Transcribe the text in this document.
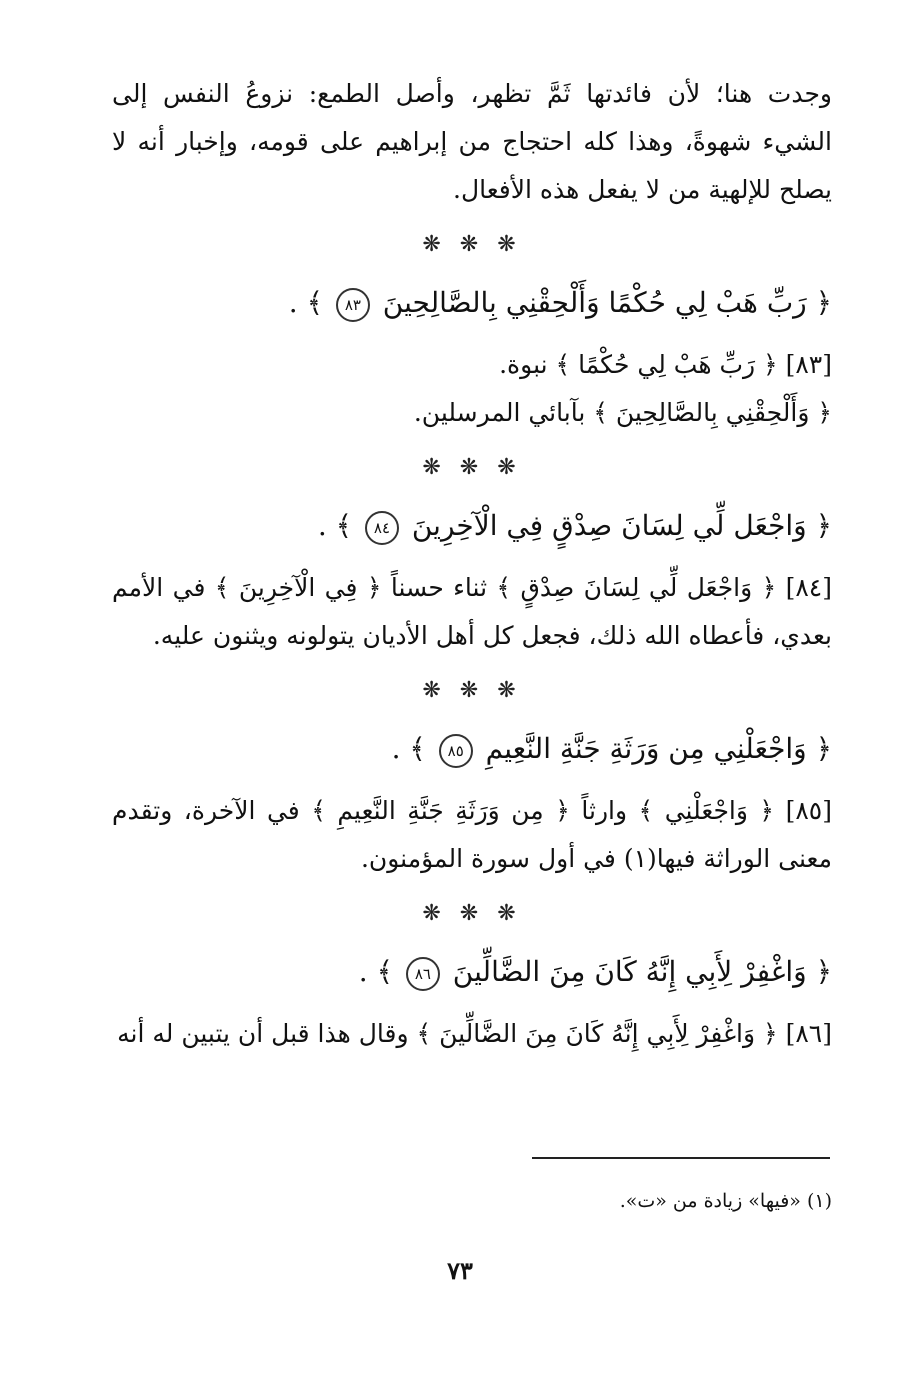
وجدت هنا؛ لأن فائدتها ثَمَّ تظهر، وأصل الطمع: نزوعُ النفس إلى الشيء شهوةً، وهذا كله احتجاج من إبراهيم على قومه، وإخبار أنه لا يصلح للإلهية من لا يفعل هذه الأفعال.

❋ ❋ ❋
﴿ رَبِّ هَبْ لِي حُكْمًا وَأَلْحِقْنِي بِالصَّالِحِينَ ٨٣ ﴾ .

[٨٣] ﴿ رَبِّ هَبْ لِي حُكْمًا ﴾ نبوة.

﴿ وَأَلْحِقْنِي بِالصَّالِحِينَ ﴾ بآبائي المرسلين.

❋ ❋ ❋
﴿ وَاجْعَل لِّي لِسَانَ صِدْقٍ فِي الْآخِرِينَ ٨٤ ﴾ .

[٨٤] ﴿ وَاجْعَل لِّي لِسَانَ صِدْقٍ ﴾ ثناء حسناً ﴿ فِي الْآخِرِينَ ﴾ في الأمم بعدي، فأعطاه الله ذلك، فجعل كل أهل الأديان يتولونه ويثنون عليه.

❋ ❋ ❋
﴿ وَاجْعَلْنِي مِن وَرَثَةِ جَنَّةِ النَّعِيمِ ٨٥ ﴾ .

[٨٥] ﴿ وَاجْعَلْنِي ﴾ وارثاً ﴿ مِن وَرَثَةِ جَنَّةِ النَّعِيمِ ﴾ في الآخرة، وتقدم معنى الوراثة فيها(١) في أول سورة المؤمنون.

❋ ❋ ❋
﴿ وَاغْفِرْ لِأَبِي إِنَّهُ كَانَ مِنَ الضَّالِّينَ ٨٦ ﴾ .

[٨٦] ﴿ وَاغْفِرْ لِأَبِي إِنَّهُ كَانَ مِنَ الضَّالِّينَ ﴾ وقال هذا قبل أن يتبين له أنه

(١) «فيها» زيادة من «ت».
٧٣
